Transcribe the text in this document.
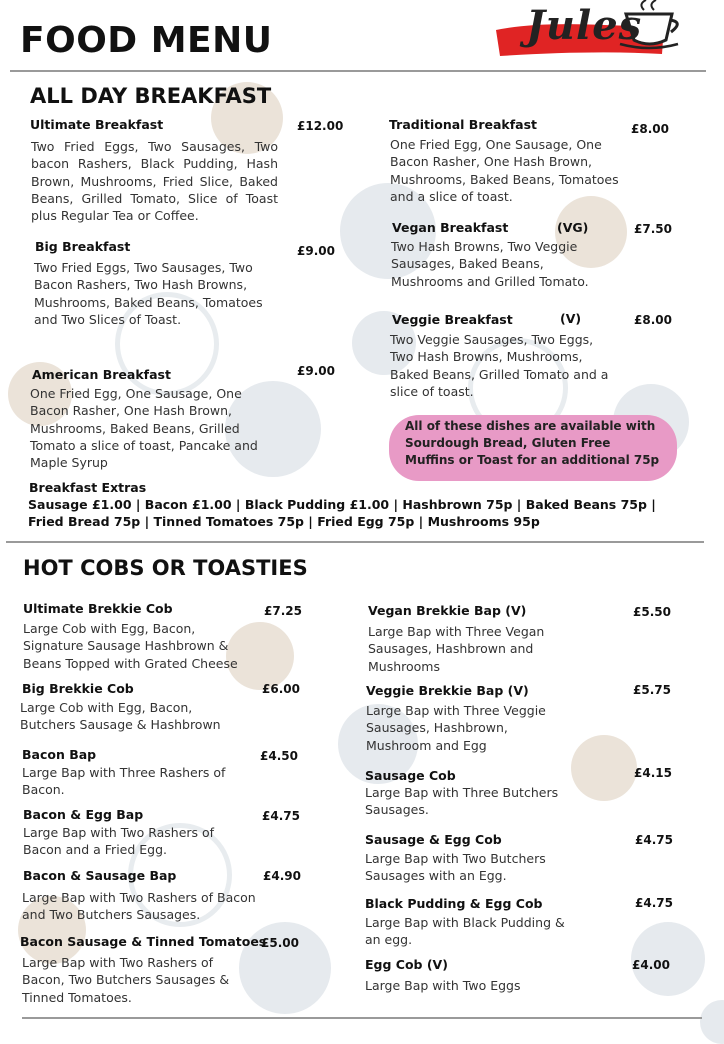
FOOD MENU	Jules
ALL DAY BREAKFAST
Ultimate Breakfast	£12.00
Two Fried Eggs, Two Sausages, Two bacon Rashers, Black Pudding, Hash Brown, Mushrooms, Fried Slice, Baked Beans, Grilled Tomato, Slice of Toast plus Regular Tea or Coffee.
Big Breakfast	£9.00
Two Fried Eggs, Two Sausages, Two Bacon Rashers, Two Hash Browns, Mushrooms, Baked Beans, Tomatoes and Two Slices of Toast.
American Breakfast	£9.00
One Fried Egg, One Sausage, One Bacon Rasher, One Hash Brown, Mushrooms, Baked Beans, Grilled Tomato a slice of toast, Pancake and Maple Syrup
Traditional Breakfast	£8.00
One Fried Egg, One Sausage, One Bacon Rasher, One Hash Brown, Mushrooms, Baked Beans, Tomatoes and a slice of toast.
Vegan Breakfast	(VG)	£7.50
Two Hash Browns, Two Veggie Sausages, Baked Beans, Mushrooms and Grilled Tomato.
Veggie Breakfast	(V)	£8.00
Two Veggie Sausages, Two Eggs, Two Hash Browns, Mushrooms, Baked Beans, Grilled Tomato and a slice of toast.
All of these dishes are available with Sourdough Bread, Gluten Free Muffins or Toast for an additional 75p
Breakfast Extras
Sausage £1.00 | Bacon £1.00 | Black Pudding £1.00 | Hashbrown 75p | Baked Beans 75p |
Fried Bread 75p | Tinned Tomatoes 75p | Fried Egg 75p | Mushrooms 95p
HOT COBS OR TOASTIES
Ultimate Brekkie Cob	£7.25
Large Cob with Egg, Bacon, Signature Sausage Hashbrown & Beans Topped with Grated Cheese
Big Brekkie Cob	£6.00
Large Cob with Egg, Bacon, Butchers Sausage & Hashbrown
Bacon Bap	£4.50
Large Bap with Three Rashers of Bacon.
Bacon & Egg Bap	£4.75
Large Bap with Two Rashers of Bacon and a Fried Egg.
Bacon & Sausage Bap	£4.90
Large Bap with Two Rashers of Bacon and Two Butchers Sausages.
Bacon Sausage & Tinned Tomatoes
£5.00
Large Bap with Two Rashers of Bacon, Two Butchers Sausages & Tinned Tomatoes.
Vegan Brekkie Bap (V)	£5.50
Large Bap with Three Vegan Sausages, Hashbrown and Mushrooms
Veggie Brekkie Bap (V)	£5.75
Large Bap with Three Veggie Sausages, Hashbrown, Mushroom and Egg
Sausage Cob	£4.15
Large Bap with Three Butchers Sausages.
Sausage & Egg Cob	£4.75
Large Bap with Two Butchers Sausages with an Egg.
Black Pudding & Egg Cob	£4.75
Large Bap with Black Pudding & an egg.
Egg Cob (V)	£4.00
Large Bap with Two Eggs
